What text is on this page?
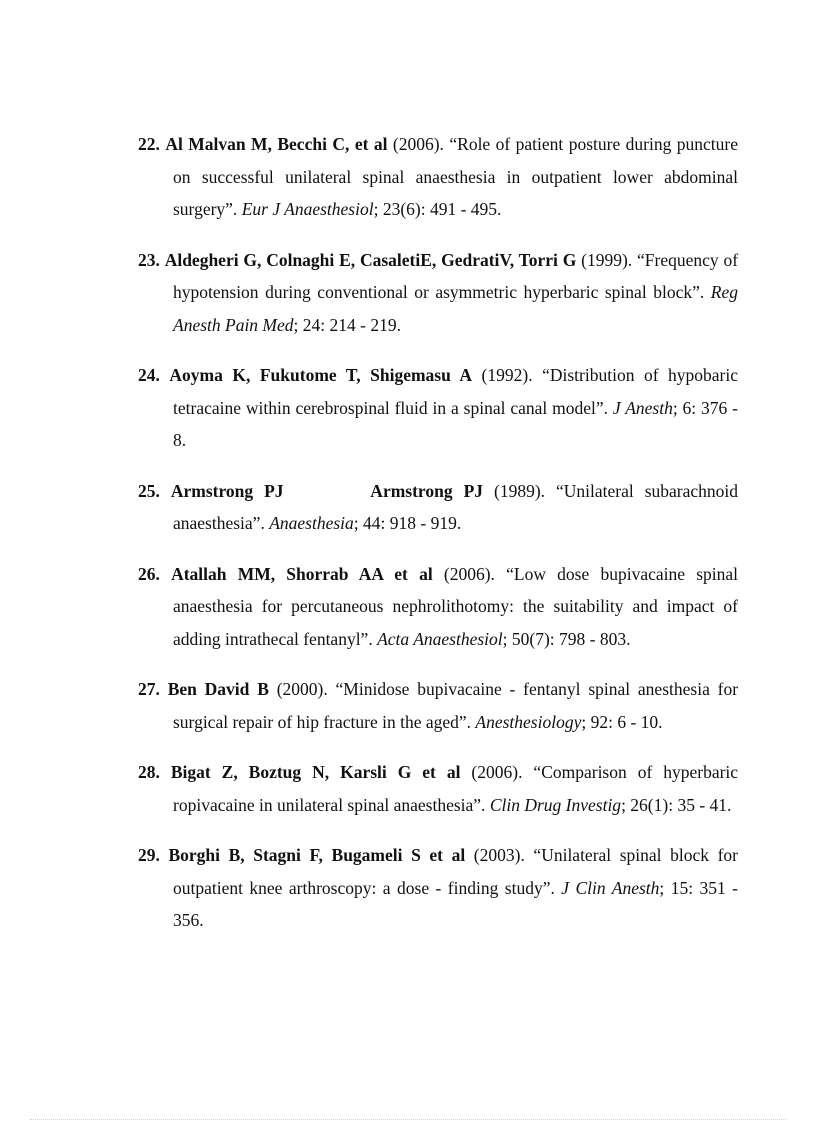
22. Al Malvan M, Becchi C, et al (2006). “Role of patient posture during puncture on successful unilateral spinal anaesthesia in outpatient lower abdominal surgery”. Eur J Anaesthesiol; 23(6): 491 - 495.
23. Aldegheri G, Colnaghi E, CasaletiE, GedratiV, Torri G (1999). “Frequency of hypotension during conventional or asymmetric hyperbaric spinal block”. Reg Anesth Pain Med; 24: 214 - 219.
24. Aoyma K, Fukutome T, Shigemasu A (1992). “Distribution of hypobaric tetracaine within cerebrospinal fluid in a spinal canal model”. J Anesth; 6: 376 - 8.
25. Armstrong PJ        Armstrong PJ (1989). “Unilateral subarachnoid anaesthesia”. Anaesthesia; 44: 918 - 919.
26. Atallah MM, Shorrab AA et al (2006). “Low dose bupivacaine spinal anaesthesia for percutaneous nephrolithotomy: the suitability and impact of adding intrathecal fentanyl”. Acta Anaesthesiol; 50(7): 798 - 803.
27. Ben David B (2000). “Minidose bupivacaine - fentanyl spinal anesthesia for surgical repair of hip fracture in the aged”. Anesthesiology; 92: 6 - 10.
28. Bigat Z, Boztug N, Karsli G et al (2006). “Comparison of hyperbaric ropivacaine in unilateral spinal anaesthesia”. Clin Drug Investig; 26(1): 35 - 41.
29. Borghi B, Stagni F, Bugameli S et al (2003). “Unilateral spinal block for outpatient knee arthroscopy: a dose - finding study”. J Clin Anesth; 15: 351 - 356.
